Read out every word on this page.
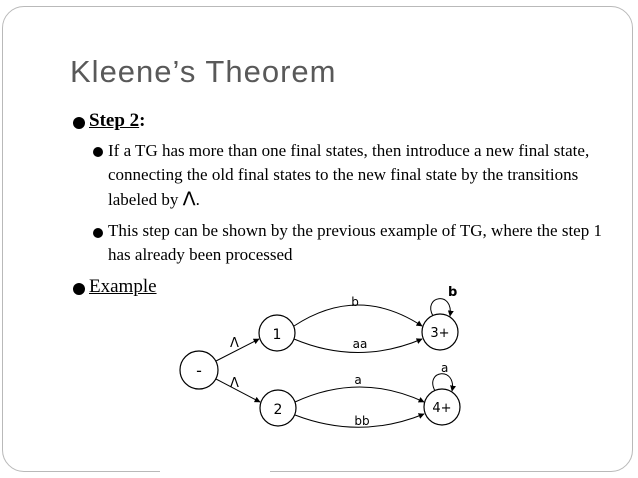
Kleene’s Theorem
Step 2:
If a TG has more than one final states, then introduce a new final state, connecting the old final states to the new final state by the transitions labeled by Λ.
This step can be shown by the previous example of TG, where the step 1 has already been processed
Example
-
1
2
3+
4+
Λ
Λ
b
aa
a
bb
b
a
